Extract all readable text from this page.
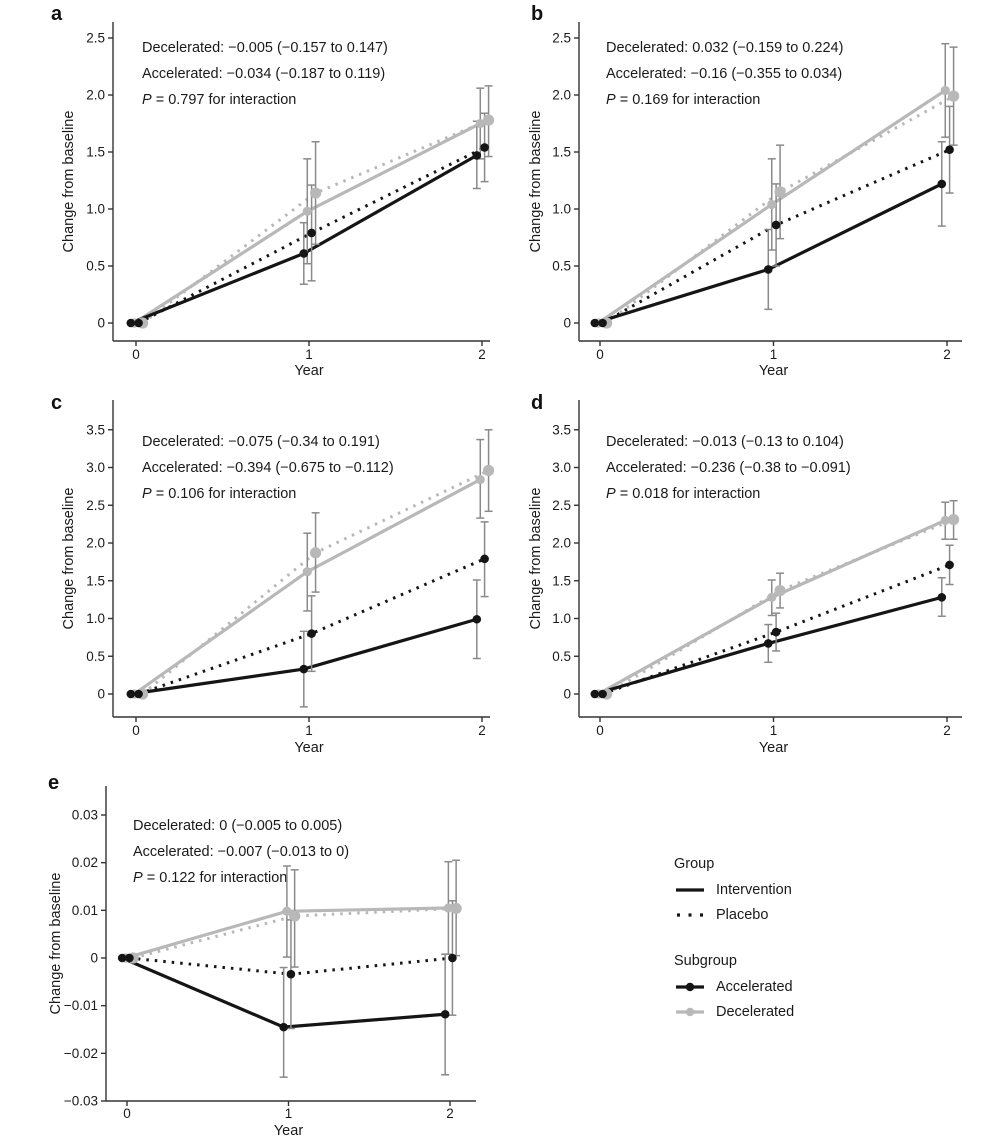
a	b
c	d
e
0
0.5
1.0
1.5
2.0
2.5
0	1	2
Change from baseline
Year
Decelerated: −0.005 (−0.157 to 0.147)
Accelerated: −0.034 (−0.187 to 0.119)
P = 0.797 for interaction
0
0.5
1.0
1.5
2.0
2.5
0	1	2
Change from baseline
Year
Decelerated: 0.032 (−0.159 to 0.224)
Accelerated: −0.16 (−0.355 to 0.034)
P = 0.169 for interaction
0
0.5
1.0
1.5
2.0
2.5
3.0
3.5
0	1	2
Change from baseline
Year
Decelerated: −0.075 (−0.34 to 0.191)
Accelerated: −0.394 (−0.675 to −0.112)
P = 0.106 for interaction
0
0.5
1.0
1.5
2.0
2.5
3.0
3.5
0	1	2
Change from baseline
Year
Decelerated: −0.013 (−0.13 to 0.104)
Accelerated: −0.236 (−0.38 to −0.091)
P = 0.018 for interaction
−0.03
−0.02
−0.01
0
0.01
0.02
0.03
0	1	2
Change from baseline
Year
Decelerated: 0 (−0.005 to 0.005)
Accelerated: −0.007 (−0.013 to 0)
P = 0.122 for interaction
Group
Intervention
Placebo
Subgroup
Accelerated
Decelerated
